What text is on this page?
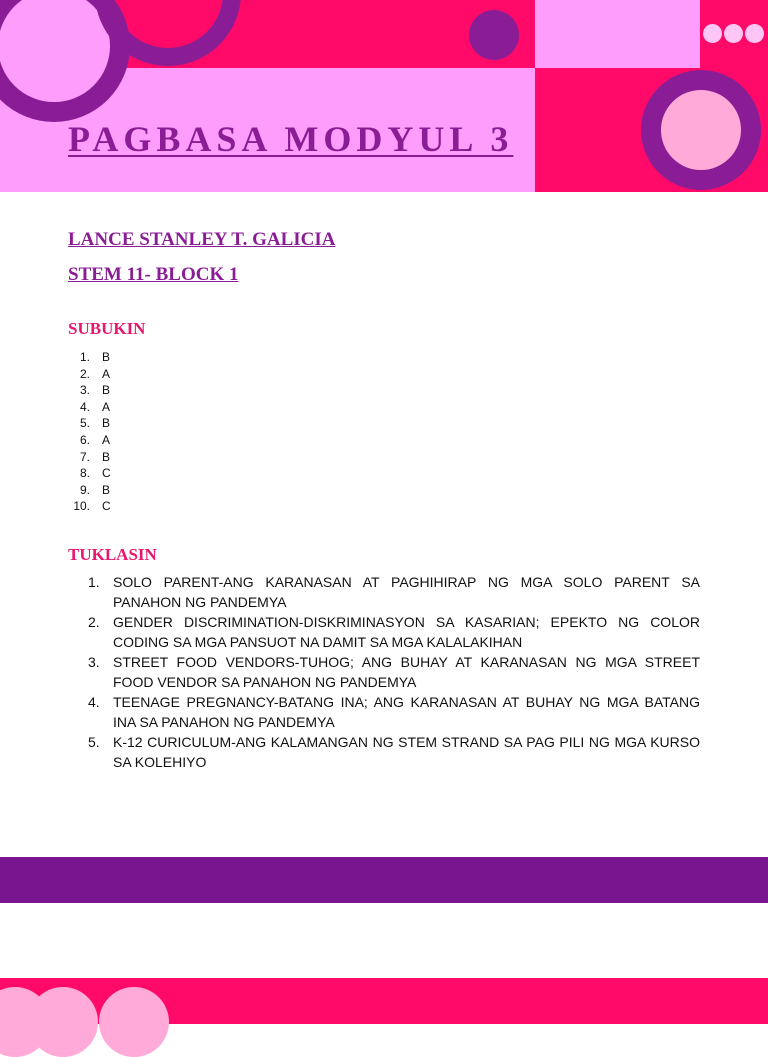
PAGBASA MODYUL 3

LANCE STANLEY T. GALICIA

STEM 11- BLOCK 1

SUBUKIN
1. B
2. A
3. B
4. A
5. B
6. A
7. B
8. C
9. B
10. C
TUKLASIN
1. SOLO PARENT-ANG KARANASAN AT PAGHIHIRAP NG MGA SOLO PARENT SA PANAHON NG PANDEMYA
2. GENDER DISCRIMINATION-DISKRIMINASYON SA KASARIAN; EPEKTO NG COLOR CODING SA MGA PANSUOT NA DAMIT SA MGA KALALAKIHAN
3. STREET FOOD VENDORS-TUHOG; ANG BUHAY AT KARANASAN NG MGA STREET FOOD VENDOR SA PANAHON NG PANDEMYA
4. TEENAGE PREGNANCY-BATANG INA; ANG KARANASAN AT BUHAY NG MGA BATANG INA SA PANAHON NG PANDEMYA
5. K-12 CURICULUM-ANG KALAMANGAN NG STEM STRAND SA PAG PILI NG MGA KURSO SA KOLEHIYO
